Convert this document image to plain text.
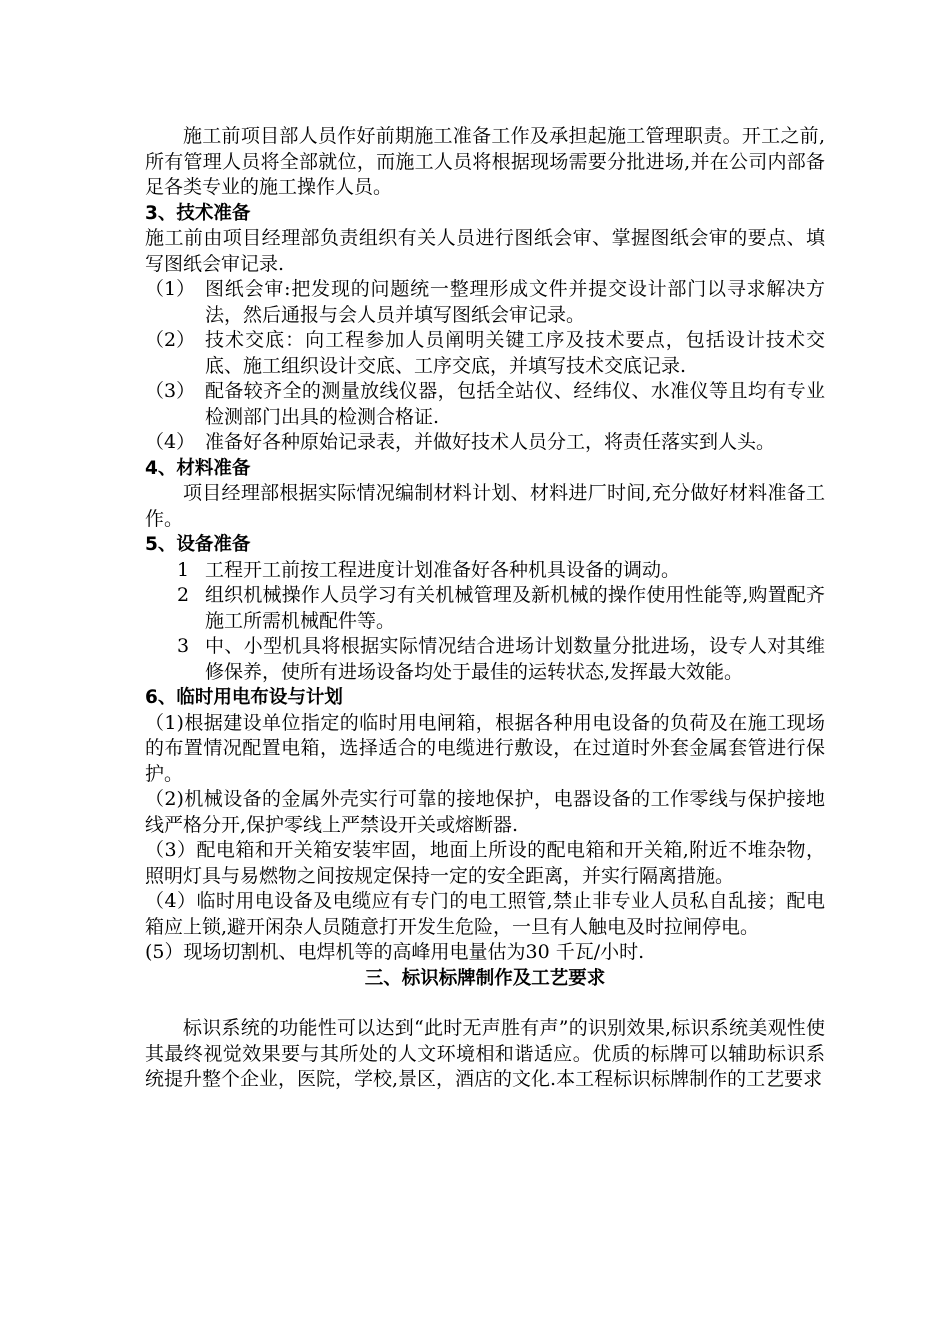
施工前项目部人员作好前期施工准备工作及承担起施工管理职责。开工之前,所有管理人员将全部就位，而施工人员将根据现场需要分批进场,并在公司内部备足各类专业的施工操作人员。

3、技术准备

施工前由项目经理部负责组织有关人员进行图纸会审、掌握图纸会审的要点、填写图纸会审记录.

（1） 图纸会审:把发现的问题统一整理形成文件并提交设计部门以寻求解决方法，然后通报与会人员并填写图纸会审记录。
（2） 技术交底：向工程参加人员阐明关键工序及技术要点，包括设计技术交底、施工组织设计交底、工序交底，并填写技术交底记录.
（3） 配备较齐全的测量放线仪器，包括全站仪、经纬仪、水准仪等且均有专业检测部门出具的检测合格证.
（4） 准备好各种原始记录表，并做好技术人员分工，将责任落实到人头。

4、材料准备

项目经理部根据实际情况编制材料计划、材料进厂时间,充分做好材料准备工作。

5、设备准备

1 工程开工前按工程进度计划准备好各种机具设备的调动。
2 组织机械操作人员学习有关机械管理及新机械的操作使用性能等,购置配齐施工所需机械配件等。
3 中、小型机具将根据实际情况结合进场计划数量分批进场，设专人对其维修保养，使所有进场设备均处于最佳的运转状态,发挥最大效能。

6、临时用电布设与计划

（1)根据建设单位指定的临时用电闸箱，根据各种用电设备的负荷及在施工现场的布置情况配置电箱，选择适合的电缆进行敷设，在过道时外套金属套管进行保护。

（2)机械设备的金属外壳实行可靠的接地保护，电器设备的工作零线与保护接地线严格分开,保护零线上严禁设开关或熔断器.

（3）配电箱和开关箱安装牢固，地面上所设的配电箱和开关箱,附近不堆杂物，照明灯具与易燃物之间按规定保持一定的安全距离，并实行隔离措施。

（4）临时用电设备及电缆应有专门的电工照管,禁止非专业人员私自乱接；配电箱应上锁,避开闲杂人员随意打开发生危险，一旦有人触电及时拉闸停电。

(5）现场切割机、电焊机等的高峰用电量估为30 千瓦/小时.

三、标识标牌制作及工艺要求

标识系统的功能性可以达到“此时无声胜有声”的识别效果,标识系统美观性使其最终视觉效果要与其所处的人文环境相和谐适应。优质的标牌可以辅助标识系统提升整个企业，医院，学校,景区，酒店的文化.本工程标识标牌制作的工艺要求
